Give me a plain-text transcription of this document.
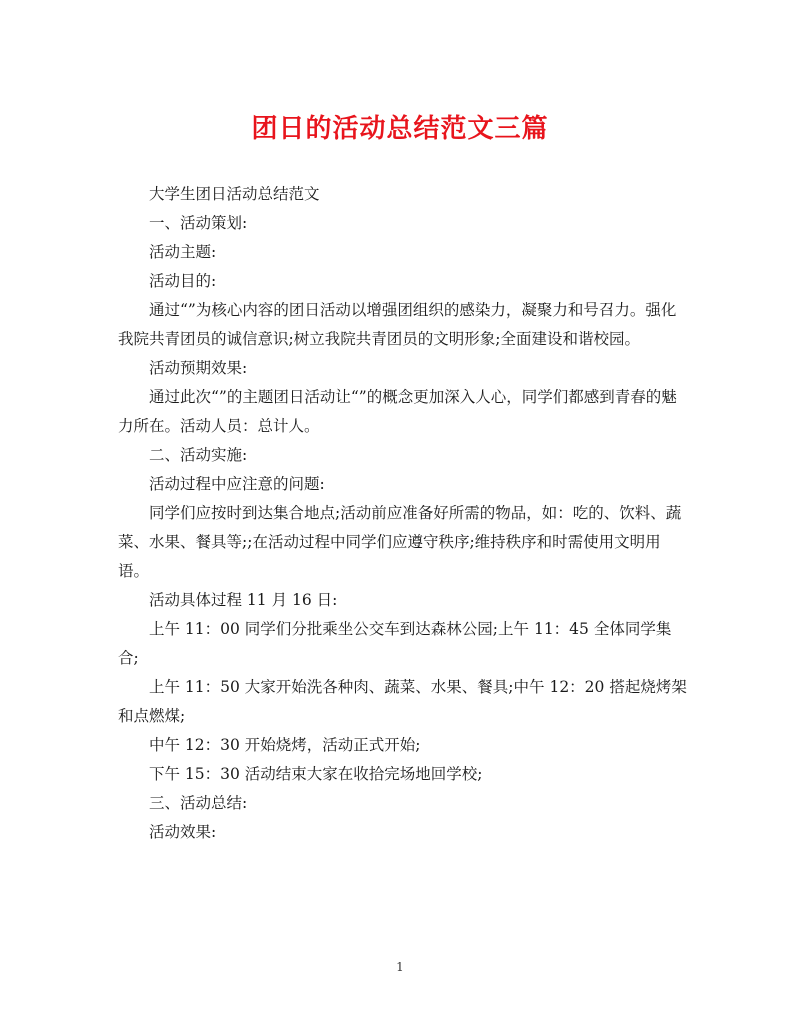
团日的活动总结范文三篇

大学生团日活动总结范文

一、活动策划:

活动主题:

活动目的:

通过“”为核心内容的团日活动以增强团组织的感染力，凝聚力和号召力。强化我院共青团员的诚信意识;树立我院共青团员的文明形象;全面建设和谐校园。

活动预期效果:

通过此次“”的主题团日活动让“”的概念更加深入人心，同学们都感到青春的魅力所在。活动人员：总计人。

二、活动实施:

活动过程中应注意的问题:

同学们应按时到达集合地点;活动前应准备好所需的物品，如：吃的、饮料、蔬菜、水果、餐具等;;在活动过程中同学们应遵守秩序;维持秩序和时需使用文明用语。

活动具体过程 11 月 16 日:

上午 11：00 同学们分批乘坐公交车到达森林公园;上午 11：45 全体同学集合;

上午 11：50 大家开始洗各种肉、蔬菜、水果、餐具;中午 12：20 搭起烧烤架和点燃煤;

中午 12：30 开始烧烤，活动正式开始;

下午 15：30 活动结束大家在收拾完场地回学校;

三、活动总结:

活动效果:

1
